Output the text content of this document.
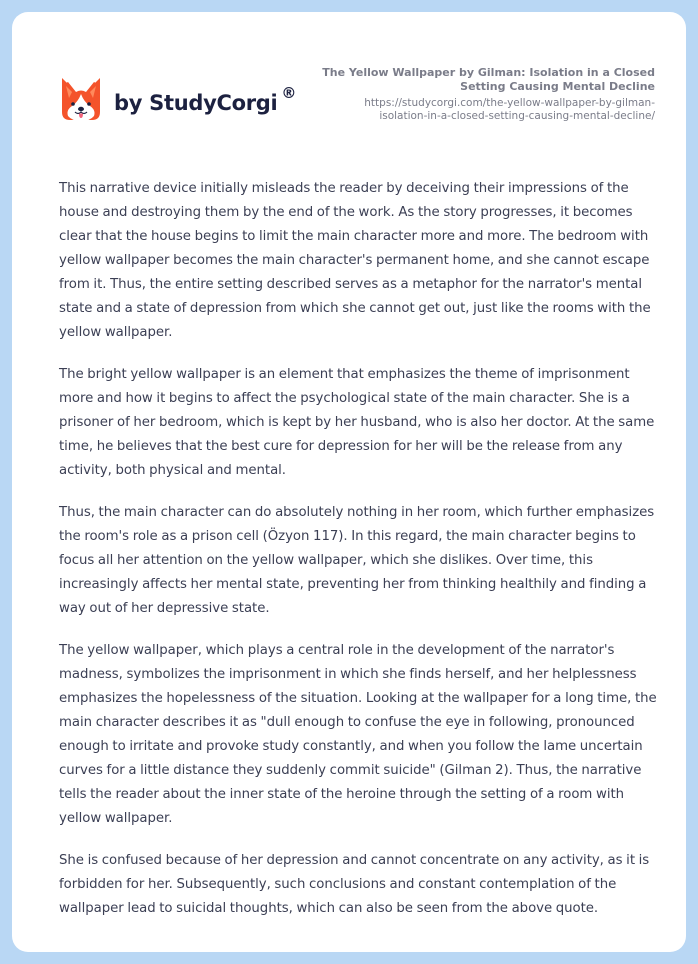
by StudyCorgi ®

The Yellow Wallpaper by Gilman: Isolation in a Closed
Setting Causing Mental Decline

https://studycorgi.com/the-yellow-wallpaper-by-gilman-
isolation-in-a-closed-setting-causing-mental-decline/

This narrative device initially misleads the reader by deceiving their impressions of the house and destroying them by the end of the work. As the story progresses, it becomes clear that the house begins to limit the main character more and more. The bedroom with yellow wallpaper becomes the main character's permanent home, and she cannot escape from it. Thus, the entire setting described serves as a metaphor for the narrator's mental state and a state of depression from which she cannot get out, just like the rooms with the yellow wallpaper.

The bright yellow wallpaper is an element that emphasizes the theme of imprisonment more and how it begins to affect the psychological state of the main character. She is a prisoner of her bedroom, which is kept by her husband, who is also her doctor. At the same time, he believes that the best cure for depression for her will be the release from any activity, both physical and mental.

Thus, the main character can do absolutely nothing in her room, which further emphasizes the room's role as a prison cell (Özyon 117). In this regard, the main character begins to focus all her attention on the yellow wallpaper, which she dislikes. Over time, this increasingly affects her mental state, preventing her from thinking healthily and finding a way out of her depressive state.

The yellow wallpaper, which plays a central role in the development of the narrator's madness, symbolizes the imprisonment in which she finds herself, and her helplessness emphasizes the hopelessness of the situation. Looking at the wallpaper for a long time, the main character describes it as "dull enough to confuse the eye in following, pronounced enough to irritate and provoke study constantly, and when you follow the lame uncertain curves for a little distance they suddenly commit suicide" (Gilman 2). Thus, the narrative tells the reader about the inner state of the heroine through the setting of a room with yellow wallpaper.

She is confused because of her depression and cannot concentrate on any activity, as it is forbidden for her. Subsequently, such conclusions and constant contemplation of the wallpaper lead to suicidal thoughts, which can also be seen from the above quote.
